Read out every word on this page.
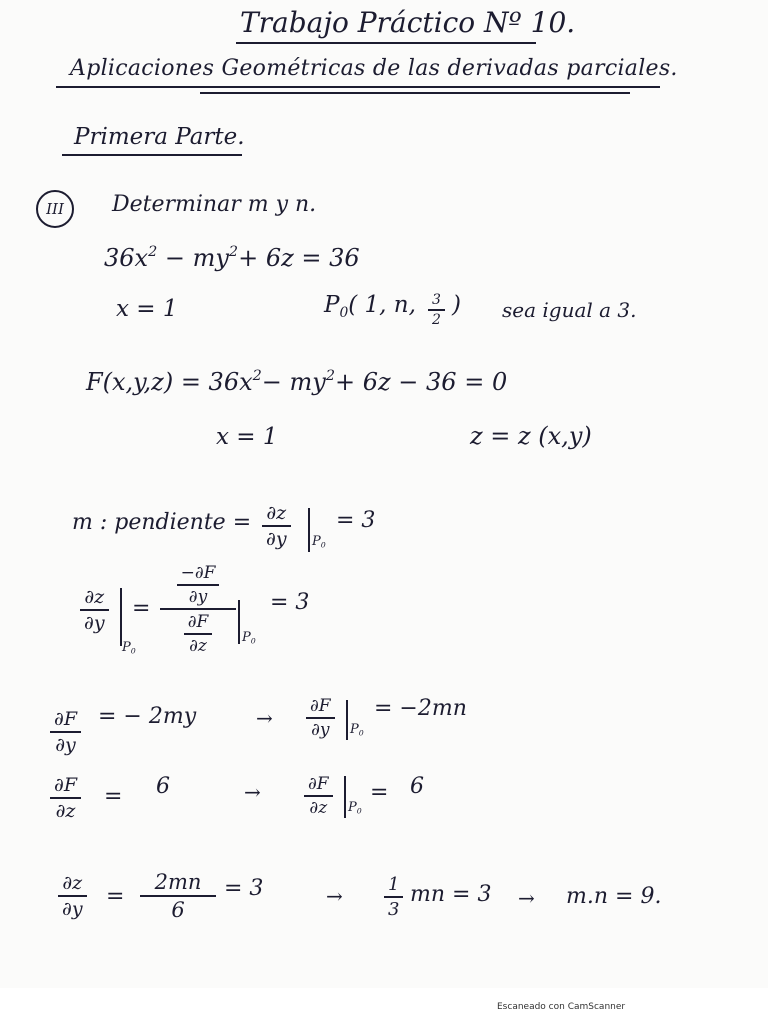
Trabajo Práctico Nº 10.
Aplicaciones Geométricas de las derivadas parciales.
Primera Parte.
III Determinar m y n.
$36x^2 - my^2+ 6z = 36$
x = 1	$P_0$( 1, n, 3
2
) sea igual a 3.
$F(x,y,z) = 36x^2- my^2+ 6z - 36 = 0$
x = 1	z = z (x,y)
m : pendiente = ∂z
∂y	$P_0$
= 3
∂z
∂y
$P_0$
=
$\frac{-\partial F}{\partial y}$
$\frac{\partial F}{\partial z} P_0$
= 3
∂F
∂y
= − 2my	→ ∂F
∂y	$P_0$
= −2mn
∂F
∂z
= 6	→	∂F
∂z	$P_0$
= 6
∂z
∂y =
2mn
6
= 3	→	1
3
mn = 3 → m.n = 9.
Escaneado con CamScanner
